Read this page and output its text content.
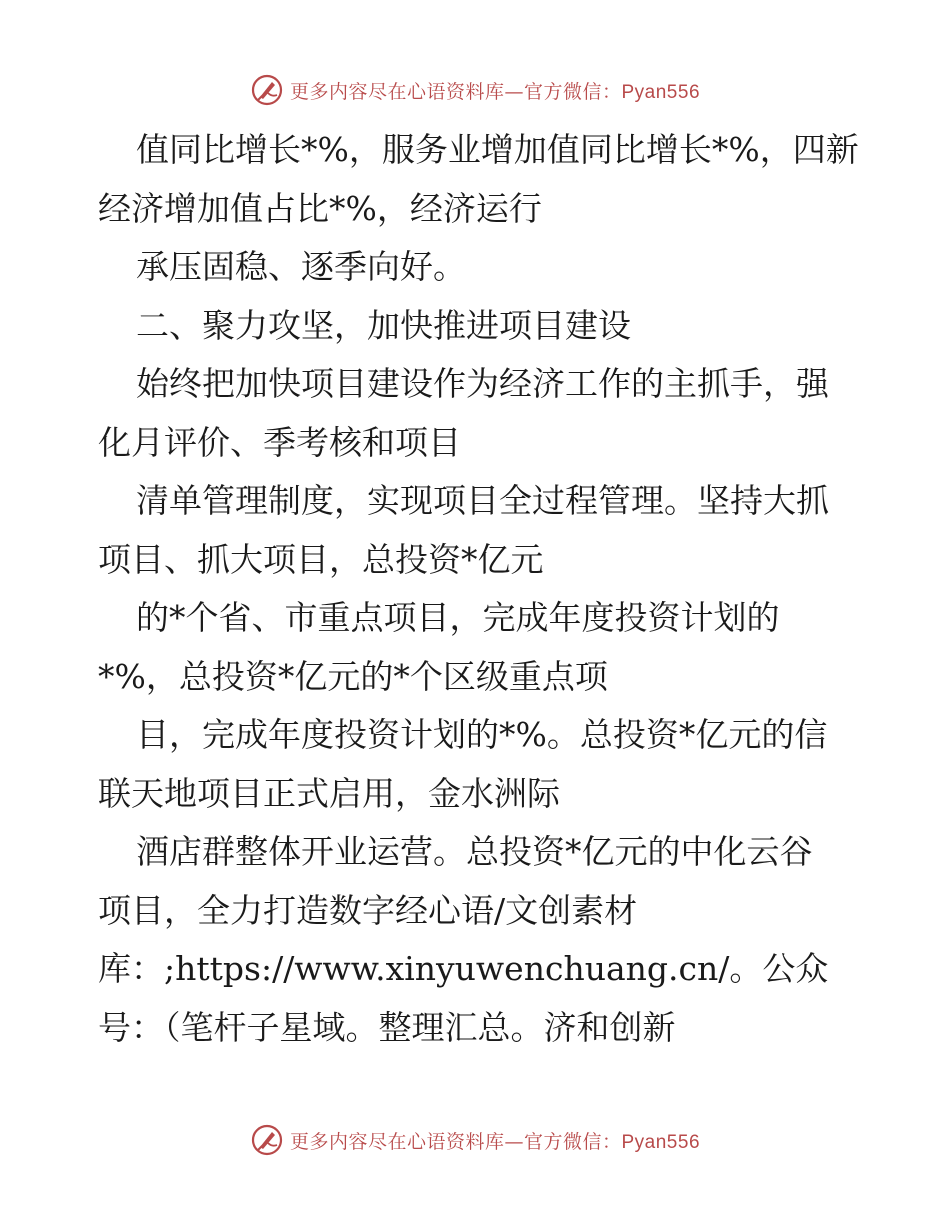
更多内容尽在心语资料库—官方微信：Pyan556
值同比增长*%，服务业增加值同比增长*%，四新
经济增加值占比*%，经济运行
承压固稳、逐季向好。
二、聚力攻坚，加快推进项目建设
始终把加快项目建设作为经济工作的主抓手，强
化月评价、季考核和项目
清单管理制度，实现项目全过程管理。坚持大抓
项目、抓大项目，总投资*亿元
的*个省、市重点项目，完成年度投资计划的
*%，总投资*亿元的*个区级重点项
目，完成年度投资计划的*%。总投资*亿元的信
联天地项目正式启用，金水洲际
酒店群整体开业运营。总投资*亿元的中化云谷
项目，全力打造数字经心语/文创素材
库：;https://www.xinyuwenchuang.cn/。公众
号：（笔杆子星域。整理汇总。济和创新
更多内容尽在心语资料库—官方微信：Pyan556
